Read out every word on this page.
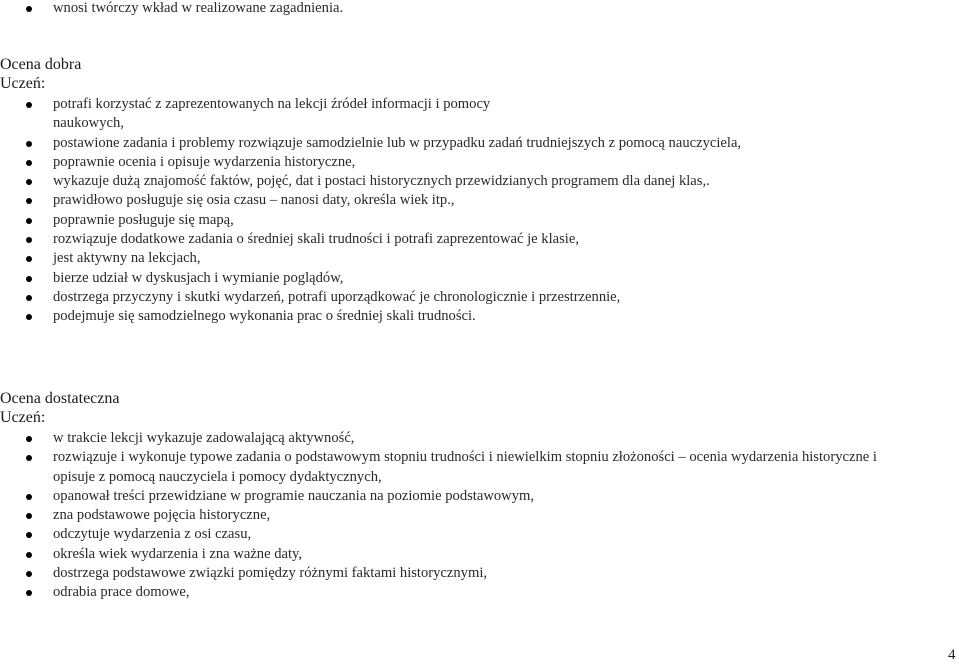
wnosi twórczy wkład w realizowane zagadnienia.
Ocena dobra
Uczeń:
potrafi korzystać z zaprezentowanych na lekcji źródeł informacji i pomocy naukowych,
postawione zadania i problemy rozwiązuje samodzielnie lub w przypadku zadań trudniejszych z pomocą nauczyciela,
poprawnie ocenia i opisuje wydarzenia historyczne,
wykazuje dużą znajomość faktów, pojęć, dat i postaci historycznych przewidzianych programem dla danej klas,.
prawidłowo posługuje się osia czasu – nanosi daty, określa wiek itp.,
poprawnie posługuje się mapą,
rozwiązuje dodatkowe zadania o średniej skali trudności i potrafi zaprezentować je klasie,
jest aktywny na lekcjach,
bierze udział w dyskusjach i wymianie poglądów,
dostrzega przyczyny i skutki wydarzeń, potrafi uporządkować je chronologicznie i przestrzennie,
podejmuje się samodzielnego wykonania prac o średniej skali trudności.
Ocena dostateczna
Uczeń:
w trakcie lekcji wykazuje zadowalającą aktywność,
rozwiązuje i wykonuje typowe zadania o podstawowym stopniu trudności i niewielkim stopniu złożoności – ocenia wydarzenia historyczne i opisuje z pomocą nauczyciela i pomocy dydaktycznych,
opanował treści przewidziane w programie nauczania na poziomie podstawowym,
zna podstawowe pojęcia historyczne,
odczytuje wydarzenia z osi czasu,
określa wiek wydarzenia i zna ważne daty,
dostrzega podstawowe związki pomiędzy różnymi faktami historycznymi,
odrabia prace domowe,
4
